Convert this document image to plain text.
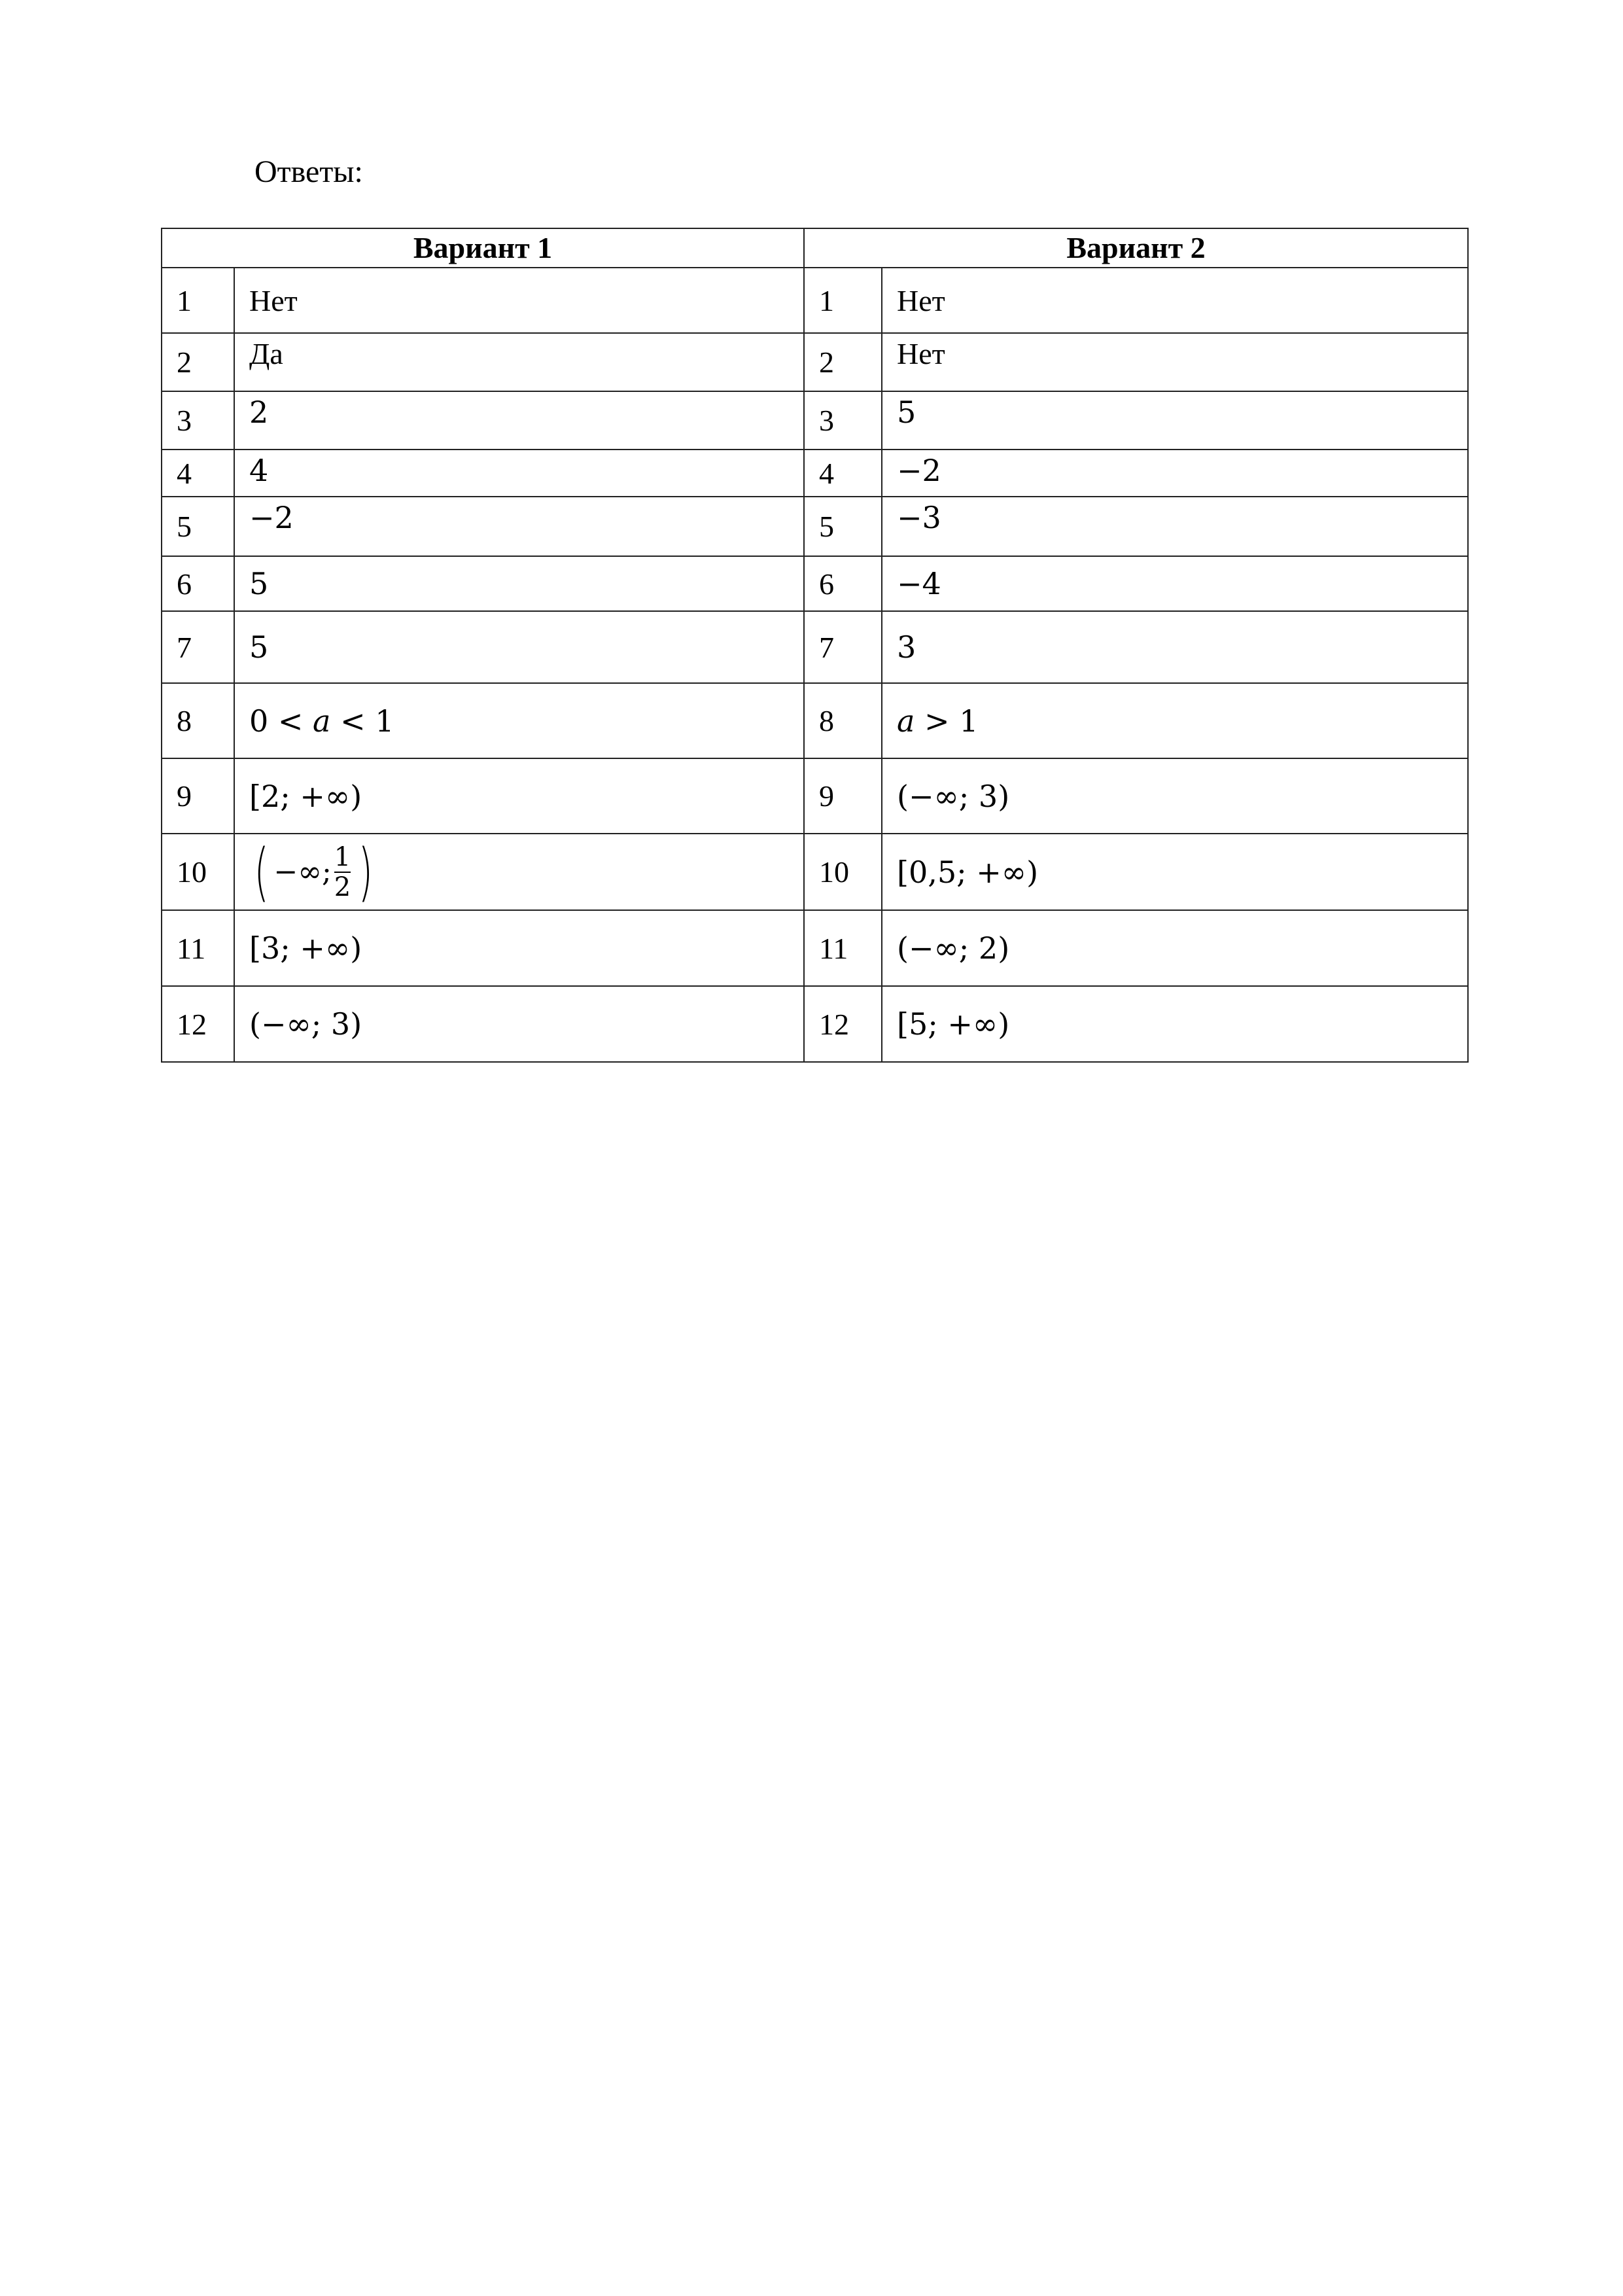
Ответы:
Вариант 1		Вариант 2	
1	Нет	1	Нет
2	Да	2	Нет
3	2	3	5
4	4	4	−2
5	−2	5	−3
6	5	6	−4
7	5	7	3
8	0 < 𝑎 < 1	8	𝑎 > 1
9	[2; +∞)	9	(−∞; 3)
10	( −∞; $\frac{1}{2}$ )	10	[0,5; +∞)
11	[3; +∞)	11	(−∞; 2)
12	(−∞; 3)	12	[5; +∞)
